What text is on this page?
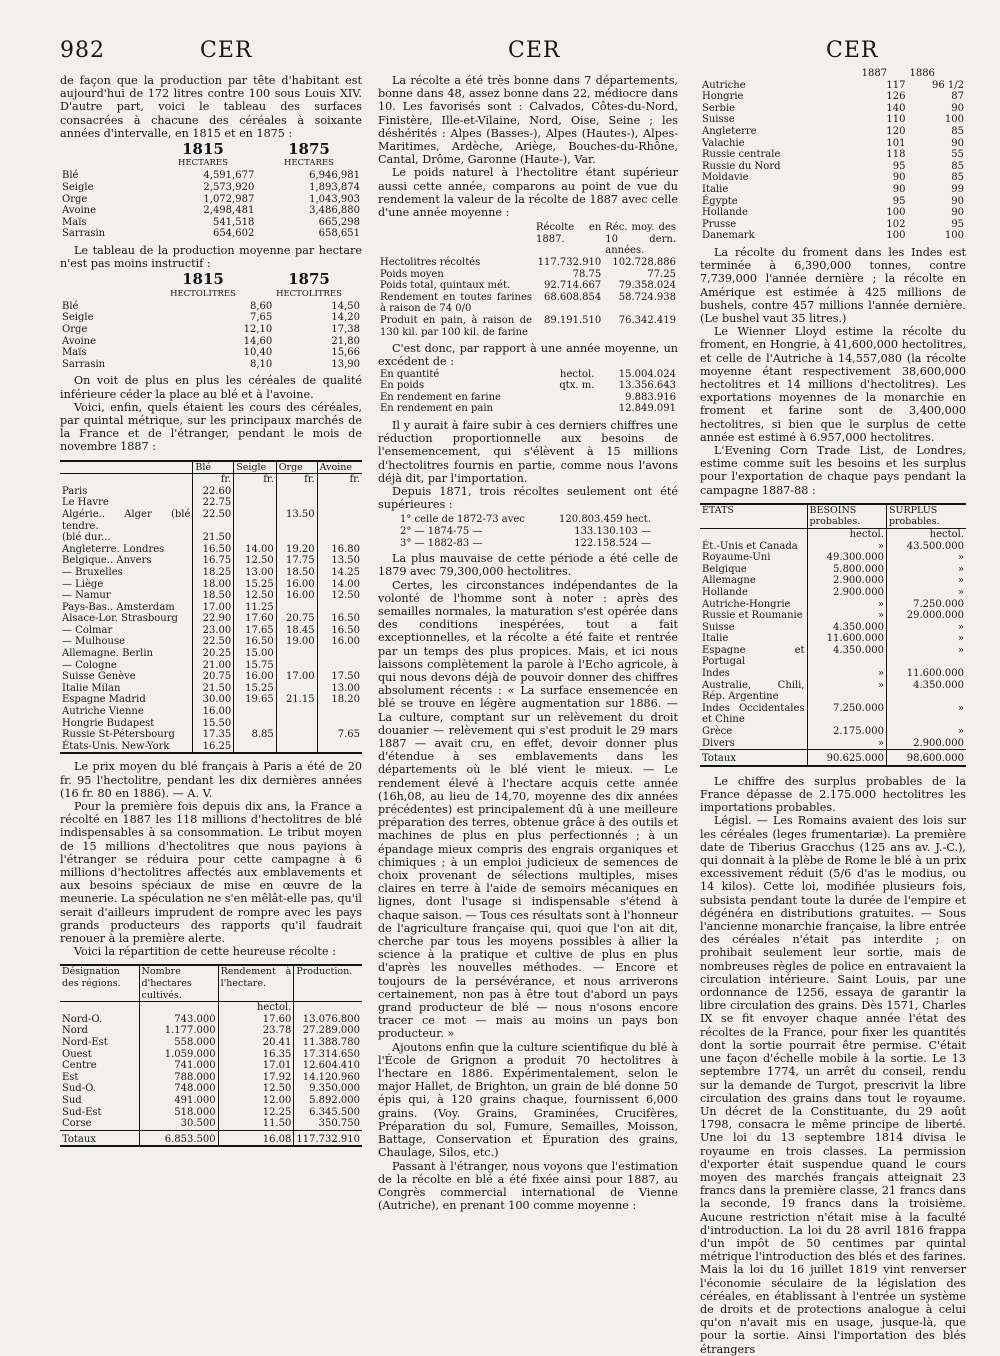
982	CER	CER	CER

de façon que la production par tête d'habitant est aujourd'hui de 172 litres contre 100 sous Louis XIV. D'autre part, voici le tableau des surfaces consacrées à chacune des céréales à soixante années d'intervalle, en 1815 et en 1875 :

1815	1875
HECTARES	HECTARES
Blé	4,591,677	6,946,981
Seigle	2,573,920	1,893,874
Orge	1,072,987	1,043,903
Avoine	2,498,481	3,486,880
Maïs	541,518	665,298
Sarrasin	654,602	658,651

Le tableau de la production moyenne par hectare n'est pas moins instructif :

1815	1875
HECTOLITRES	HECTOLITRES
Blé	8,60	14,50
Seigle	7,65	14,20
Orge	12,10	17,38
Avoine	14,60	21,80
Maïs	10,40	15,66
Sarrasin	8,10	13,90

On voit de plus en plus les céréales de qualité inférieure céder la place au blé et à l'avoine.

Voici, enfin, quels étaient les cours des céréales, par quintal métrique, sur les principaux marchés de la France et de l'étranger, pendant le mois de novembre 1887 :

	Blé	Seigle	Orge	Avoine
	fr.	fr.	fr.	fr.
Paris	22.60			
Le Havre	22.75			
Algérie.. Alger (blé tendre.	22.50		13.50	
(blé dur...	21.50			
Angleterre. Londres	16.50	14.00	19.20	16.80
Belgique.. Anvers	16.75	12.50	17.75	13.50
— Bruxelles	18.25	13.00	18.50	14.25
— Liège	18.00	15.25	16.00	14.00
— Namur	18.50	12.50	16.00	12.50
Pays-Bas.. Amsterdam	17.00	11.25		
Alsace-Lor. Strasbourg	22.90	17.60	20.75	16.50
— Colmar	23.00	17.65	18.45	16.50
— Mulhouse	22.50	16.50	19.00	16.00
Allemagne. Berlin	20.25	15.00		
— Cologne	21.00	15.75		
Suisse Genève	20.75	16.00	17.00	17.50
Italie Milan	21.50	15.25		13.00
Espagne Madrid	30.00	19.65	21.15	18.20
Autriche Vienne	16.00			
Hongrie Budapest	15.50			
Russie St-Pétersbourg	17.35	8.85		7.65
États-Unis. New-York	16.25			

Le prix moyen du blé français à Paris a été de 20 fr. 95 l'hectolitre, pendant les dix dernières années (16 fr. 80 en 1886). — A. V.

Pour la première fois depuis dix ans, la France a récolté en 1887 les 118 millions d'hectolitres de blé indispensables à sa consommation. Le tribut moyen de 15 millions d'hectolitres que nous payions à l'étranger se réduira pour cette campagne à 6 millions d'hectolitres affectés aux emblavements et aux besoins spéciaux de mise en œuvre de la meunerie. La spéculation ne s'en mêlât-elle pas, qu'il serait d'ailleurs imprudent de rompre avec les pays grands producteurs des rapports qu'il faudrait renouer à la première alerte.

Voici la répartition de cette heureuse récolte :

Désignation des régions.	Nombre d'hectares cultivés.	Rendement à l'hectare.	Production.
		hectol.	
Nord-O.	743.000	17.60	13.076.800
Nord	1.177.000	23.78	27.289.000
Nord-Est	558.000	20.41	11.388.780
Ouest	1.059.000	16.35	17.314.650
Centre	741.000	17.01	12.604.410
Est	788.000	17.92	14.120.960
Sud-O.	748.000	12.50	9.350.000
Sud	491.000	12.00	5.892.000
Sud-Est	518.000	12.25	6.345.500
Corse	30.500	11.50	350.750
Totaux	6.853.500	16.08	117.732.910

La récolte a été très bonne dans 7 départements, bonne dans 48, assez bonne dans 22, médiocre dans 10. Les favorisés sont : Calvados, Côtes-du-Nord, Finistère, Ille-et-Vilaine, Nord, Oise, Seine ; les déshérités : Alpes (Basses-), Alpes (Hautes-), Alpes-Maritimes, Ardèche, Ariège, Bouches-du-Rhône, Cantal, Drôme, Garonne (Haute-), Var.

Le poids naturel à l'hectolitre étant supérieur aussi cette année, comparons au point de vue du rendement la valeur de la récolte de 1887 avec celle d'une année moyenne :

	Récolte en 1887.	Réc. moy. des 10 dern. années.
Hectolitres récoltés	117.732.910	102.728.886
Poids moyen	78.75	77.25
Poids total, quintaux mét.	92.714.667	79.358.024
Rendement en toutes farines à raison de 74 0/0	68.608.854	58.724.938
Produit en pain, à raison de 130 kil. par 100 kil. de farine	89.191.510	76.342.419

C'est donc, par rapport à une année moyenne, un excédent de :

En quantité	hectol.	15.004.024
En poids	qtx. m.	13.356.643
En rendement en farine		9.883.916
En rendement en pain		12.849.091

Il y aurait à faire subir à ces derniers chiffres une réduction proportionnelle aux besoins de l'ensemencement, qui s'élèvent à 15 millions d'hectolitres fournis en partie, comme nous l'avons déjà dit, par l'importation.

Depuis 1871, trois récoltes seulement ont été supérieures :

1° celle de 1872-73 avec	120.803.459 hect.
2° — 1874-75 —	133.130.103 —
3° — 1882-83 —	122.158.524 —

La plus mauvaise de cette période a été celle de 1879 avec 79,300,000 hectolitres.

Certes, les circonstances indépendantes de la volonté de l'homme sont à noter : après des semailles normales, la maturation s'est opérée dans des conditions inespérées, tout a fait exceptionnelles, et la récolte a été faite et rentrée par un temps des plus propices. Mais, et ici nous laissons complètement la parole à l'Echo agricole, à qui nous devons déjà de pouvoir donner des chiffres absolument récents : « La surface ensemencée en blé se trouve en légère augmentation sur 1886. — La culture, comptant sur un relèvement du droit douanier — relèvement qui s'est produit le 29 mars 1887 — avait cru, en effet, devoir donner plus d'étendue à ses emblavements dans les départements où le blé vient le mieux. — Le rendement élevé à l'hectare acquis cette année (16h,08, au lieu de 14,70, moyenne des dix années précédentes) est principalement dû à une meilleure préparation des terres, obtenue grâce à des outils et machines de plus en plus perfectionnés ; à un épandage mieux compris des engrais organiques et chimiques ; à un emploi judicieux de semences de choix provenant de sélections multiples, mises claires en terre à l'aide de semoirs mécaniques en lignes, dont l'usage si indispensable s'étend à chaque saison. — Tous ces résultats sont à l'honneur de l'agriculture française qui, quoi que l'on ait dit, cherche par tous les moyens possibles à allier la science à la pratique et cultive de plus en plus d'après les nouvelles méthodes. — Encore et toujours de la persévérance, et nous arriverons certainement, non pas à être tout d'abord un pays grand producteur de blé — nous n'osons encore tracer ce mot — mais au moins un pays bon producteur. »

Ajoutons enfin que la culture scientifique du blé à l'École de Grignon a produit 70 hectolitres à l'hectare en 1886. Expérimentalement, selon le major Hallet, de Brighton, un grain de blé donne 50 épis qui, à 120 grains chaque, fournissent 6,000 grains. (Voy. Grains, Graminées, Crucifères, Préparation du sol, Fumure, Semailles, Moisson, Battage, Conservation et Épuration des grains, Chaulage, Silos, etc.)

Passant à l'étranger, nous voyons que l'estimation de la récolte en blé a été fixée ainsi pour 1887, au Congrès commercial international de Vienne (Autriche), en prenant 100 comme moyenne :

	1887	1886
Autriche	117	96 1/2
Hongrie	126	87
Serbie	140	90
Suisse	110	100
Angleterre	120	85
Valachie	101	90
Russie centrale	118	55
Russie du Nord	95	85
Moldavie	90	85
Italie	90	99
Égypte	95	90
Hollande	100	90
Prusse	102	95
Danemark	100	100

La récolte du froment dans les Indes est terminée à 6,390,000 tonnes, contre 7,739,000 l'année dernière ; la récolte en Amérique est estimée à 425 millions de bushels, contre 457 millions l'année dernière. (Le bushel vaut 35 litres.)

Le Wienner Lloyd estime la récolte du froment, en Hongrie, à 41,600,000 hectolitres, et celle de l'Autriche à 14,557,080 (la récolte moyenne étant respectivement 38,600,000 hectolitres et 14 millions d'hectolitres). Les exportations moyennes de la monarchie en froment et farine sont de 3,400,000 hectolitres, si bien que le surplus de cette année est estimé à 6.957,000 hectolitres.

L'Evening Corn Trade List, de Londres, estime comme suit les besoins et les surplus pour l'exportation de chaque pays pendant la campagne 1887-88 :

ÉTATS	BESOINS probables.	SURPLUS probables.
	hectol.	hectol.
Ét.-Unis et Canada	»	43.500.000
Royaume-Uni	49.300.000	»
Belgique	5.800.000	»
Allemagne	2.900.000	»
Hollande	2.900.000	»
Autriche-Hongrie	»	7.250.000
Russie et Roumanie	»	29.000.000
Suisse	4.350.000	»
Italie	11.600.000	»
Espagne et Portugal	4.350.000	»
Indes	»	11.600.000
Australie, Chili, Rép. Argentine	»	4.350.000
Indes Occidentales et Chine	7.250.000	»
Grèce	2.175.000	»
Divers	»	2.900.000
Totaux	90.625.000	98.600.000

Le chiffre des surplus probables de la France dépasse de 2.175.000 hectolitres les importations probables.

Législ. — Les Romains avaient des lois sur les céréales (leges frumentariæ). La première date de Tiberius Gracchus (125 ans av. J.-C.), qui donnait à la plèbe de Rome le blé à un prix excessivement réduit (5/6 d'as le modius, ou 14 kilos). Cette loi, modifiée plusieurs fois, subsista pendant toute la durée de l'empire et dégénéra en distributions gratuites. — Sous l'ancienne monarchie française, la libre entrée des céréales n'était pas interdite ; on prohibait seulement leur sortie, mais de nombreuses règles de police en entravaient la circulation intérieure. Saint Louis, par une ordonnance de 1256, essaya de garantir la libre circulation des grains. Dès 1571, Charles IX se fit envoyer chaque année l'état des récoltes de la France, pour fixer les quantités dont la sortie pourrait être permise. C'était une façon d'échelle mobile à la sortie. Le 13 septembre 1774, un arrêt du conseil, rendu sur la demande de Turgot, prescrivit la libre circulation des grains dans tout le royaume. Un décret de la Constituante, du 29 août 1798, consacra le même principe de liberté. Une loi du 13 septembre 1814 divisa le royaume en trois classes. La permission d'exporter était suspendue quand le cours moyen des marchés français atteignait 23 francs dans la première classe, 21 francs dans la seconde, 19 francs dans la troisième. Aucune restriction n'était mise à la faculté d'introduction. La loi du 28 avril 1816 frappa d'un impôt de 50 centimes par quintal métrique l'introduction des blés et des farines. Mais la loi du 16 juillet 1819 vint renverser l'économie séculaire de la législation des céréales, en établissant à l'entrée un système de droits et de protections analogue à celui qu'on n'avait mis en usage, jusque-là, que pour la sortie. Ainsi l'importation des blés étrangers
